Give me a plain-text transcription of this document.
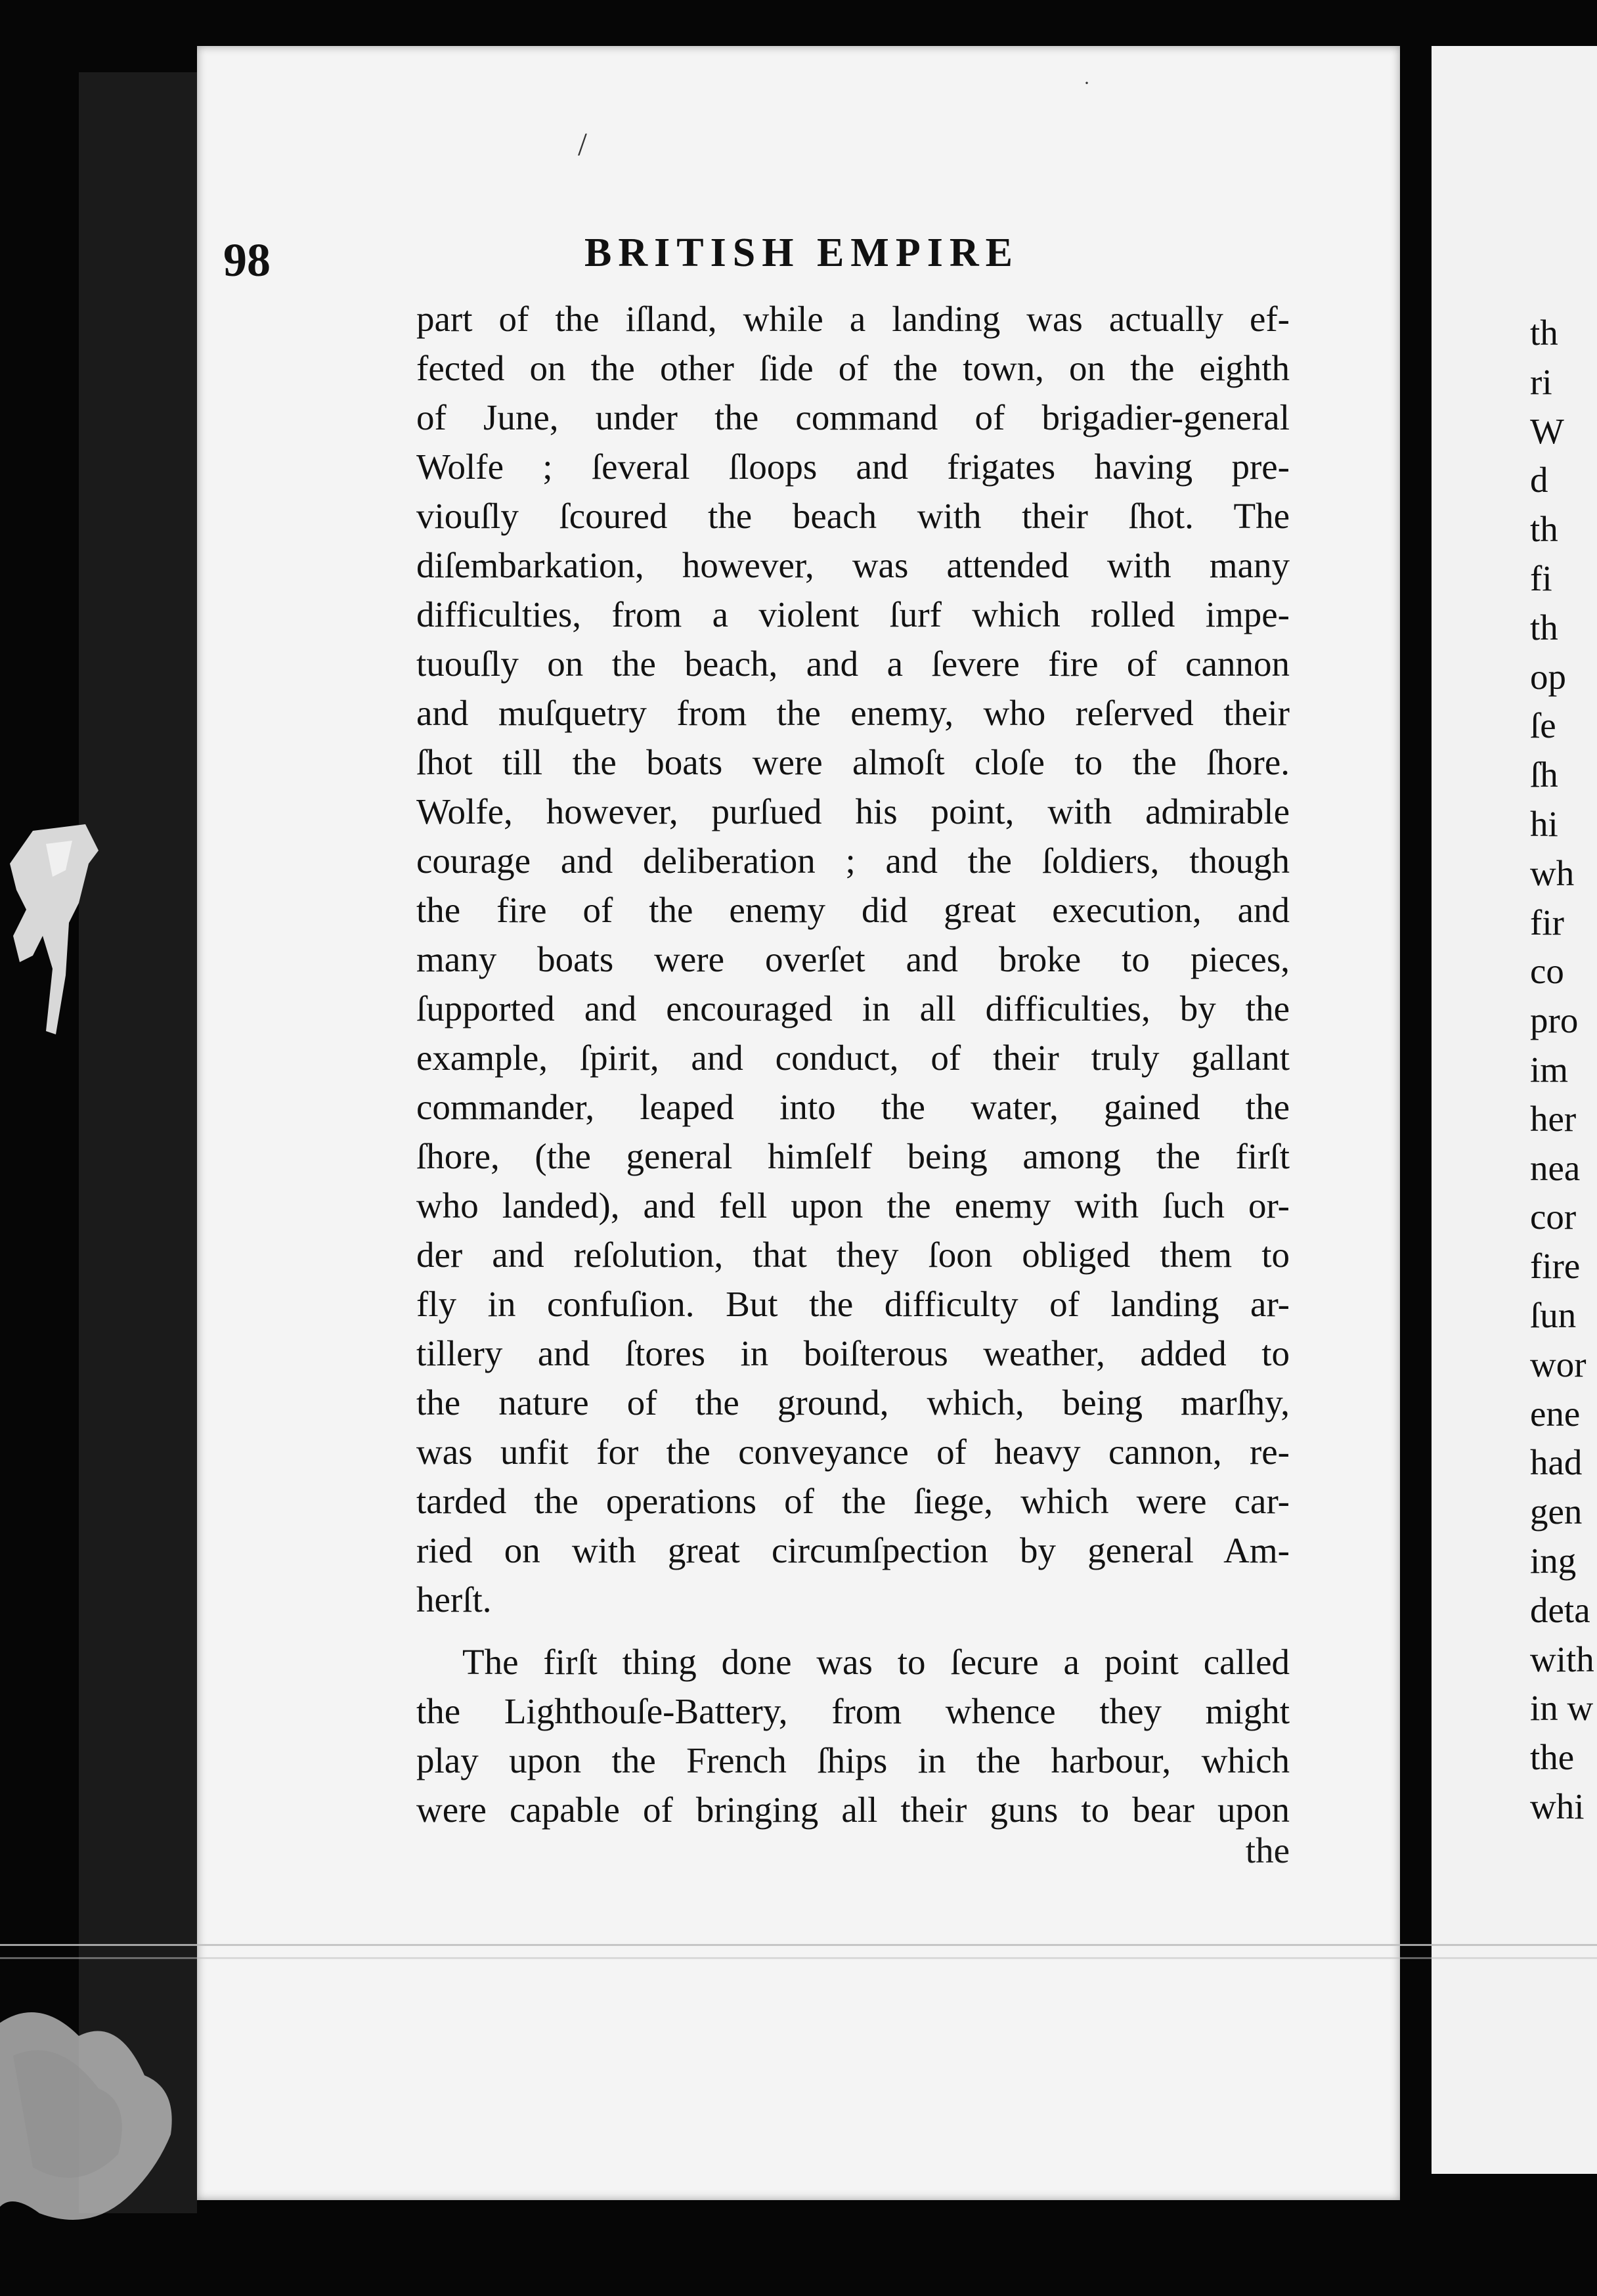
th
ri
W
d
th
fi
th
op
ſe
ſh
hi
wh
fir
co
pro
im
her
nea
cor
fire
ſun
wor
ene
had
gen
ing
deta
with
in w
the
whi
98	BRITISH EMPIRE
part of the iſland, while a landing was actually ef-
fected on the other ſide of the town, on the eighth
of June, under the command of brigadier-general
Wolfe ; ſeveral ſloops and frigates having pre-
viouſly ſcoured the beach with their ſhot. The
diſembarkation, however, was attended with many
difficulties, from a violent ſurf which rolled impe-
tuouſly on the beach, and a ſevere fire of cannon
and muſquetry from the enemy, who reſerved their
ſhot till the boats were almoſt cloſe to the ſhore.
Wolfe, however, purſued his point, with admirable
courage and deliberation ; and the ſoldiers, though
the fire of the enemy did great execution, and
many boats were overſet and broke to pieces,
ſupported and encouraged in all difficulties, by the
example, ſpirit, and conduct, of their truly gallant
commander, leaped into the water, gained the
ſhore, (the general himſelf being among the firſt
who landed), and fell upon the enemy with ſuch or-
der and reſolution, that they ſoon obliged them to
fly in confuſion. But the difficulty of landing ar-
tillery and ſtores in boiſterous weather, added to
the nature of the ground, which, being marſhy,
was unfit for the conveyance of heavy cannon, re-
tarded the operations of the ſiege, which were car-
ried on with great circumſpection by general Am-
herſt.
The firſt thing done was to ſecure a point called
the Lighthouſe-Battery, from whence they might
play upon the French ſhips in the harbour, which
were capable of bringing all their guns to bear upon

the

/
·
